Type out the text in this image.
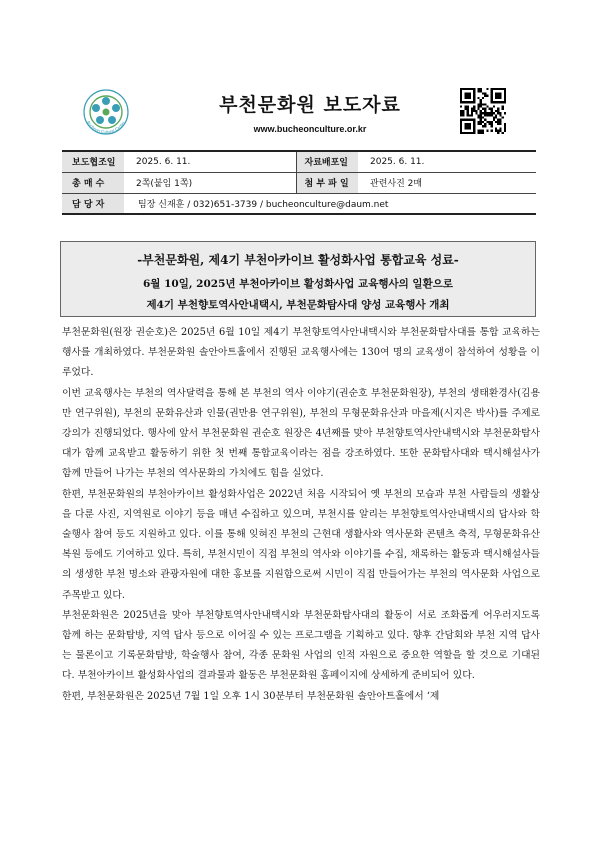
Bucheon Cultural Center
부천문화원 보도자료
www.bucheonculture.or.kr
보도협조일	2025. 6. 11.	자료배포일	2025. 6. 11.
총 매 수	2쪽(붙임 1쪽)	첨 부 파 일	관련사진 2매
담 당 자	팀장 신재훈 / 032)651-3739 / bucheonculture@daum.net		
-부천문화원, 제4기 부천아카이브 활성화사업 통합교육 성료-
6월 10일, 2025년 부천아카이브 활성화사업 교육행사의 일환으로
제4기 부천향토역사안내택시, 부천문화탐사대 양성 교육행사 개최

부천문화원(원장 권순호)은 2025년 6월 10일 제4기 부천향토역사안내택시와 부천문화탐사대를 통합 교육하는 행사를 개최하였다. 부천문화원 솔안아트홀에서 진행된 교육행사에는 130여 명의 교육생이 참석하여 성황을 이루었다.

이번 교육행사는 부천의 역사달력을 통해 본 부천의 역사 이야기(권순호 부천문화원장), 부천의 생태환경사(김용만 연구위원), 부천의 문화유산과 인물(권만용 연구위원), 부천의 무형문화유산과 마을제(시지은 박사)를 주제로 강의가 진행되었다. 행사에 앞서 부천문화원 권순호 원장은 4년째를 맞아 부천향토역사안내택시와 부천문화탐사대가 함께 교육받고 활동하기 위한 첫 번째 통합교육이라는 점을 강조하였다. 또한 문화탐사대와 택시해설사가 함께 만들어 나가는 부천의 역사문화의 가치에도 힘을 실었다.

한편, 부천문화원의 부천아카이브 활성화사업은 2022년 처음 시작되어 옛 부천의 모습과 부천 사람들의 생활상을 다룬 사진, 지역원로 이야기 등을 매년 수집하고 있으며, 부천시를 알리는 부천향토역사안내택시의 답사와 학술행사 참여 등도 지원하고 있다. 이를 통해 잊혀진 부천의 근현대 생활사와 역사문화 콘텐츠 축적, 무형문화유산 복원 등에도 기여하고 있다. 특히, 부천시민이 직접 부천의 역사와 이야기를 수집, 채록하는 활동과 택시해설사들의 생생한 부천 명소와 관광자원에 대한 홍보를 지원함으로써 시민이 직접 만들어가는 부천의 역사문화 사업으로 주목받고 있다.

부천문화원은 2025년을 맞아 부천향토역사안내택시와 부천문화탐사대의 활동이 서로 조화롭게 어우러지도록 함께 하는 문화탐방, 지역 답사 등으로 이어질 수 있는 프로그램을 기획하고 있다. 향후 간담회와 부천 지역 답사는 물론이고 기록문화탐방, 학술행사 참여, 각종 문화원 사업의 인적 자원으로 중요한 역할을 할 것으로 기대된다. 부천아카이브 활성화사업의 결과물과 활동은 부천문화원 홈페이지에 상세하게 준비되어 있다.

한편, 부천문화원은 2025년 7월 1일 오후 1시 30분부터 부천문화원 솔안아트홀에서 ‘제
